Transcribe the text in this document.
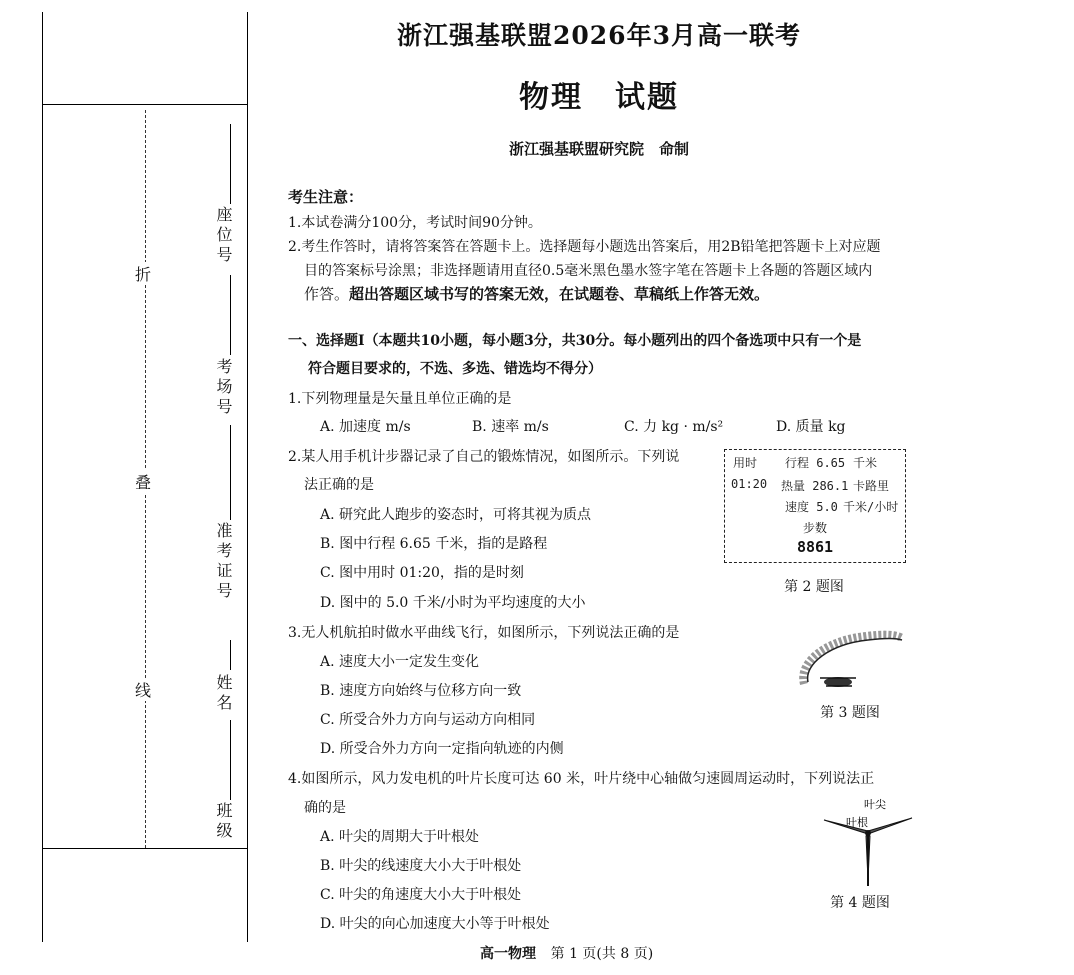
折
叠
线
座位号
考场号
准考证号
姓名
班级
浙江强基联盟2026年3月高一联考
物理　试题
浙江强基联盟研究院　命制
考生注意：
1.本试卷满分100分，考试时间90分钟。
2.考生作答时，请将答案答在答题卡上。选择题每小题选出答案后，用2B铅笔把答题卡上对应题
目的答案标号涂黑；非选择题请用直径0.5毫米黑色墨水签字笔在答题卡上各题的答题区域内
作答。超出答题区域书写的答案无效，在试题卷、草稿纸上作答无效。
一、选择题Ⅰ（本题共10小题，每小题3分，共30分。每小题列出的四个备选项中只有一个是
符合题目要求的，不选、多选、错选均不得分）
1.下列物理量是矢量且单位正确的是
A. 加速度 m/s	B. 速率 m/s	C. 力 kg · m/s²	D. 质量 kg
2.某人用手机计步器记录了自己的锻炼情况，如图所示。下列说
法正确的是
A. 研究此人跑步的姿态时，可将其视为质点
B. 图中行程 6.65 千米，指的是路程
C. 图中用时 01:20，指的是时刻
D. 图中的 5.0 千米/小时为平均速度的大小
3.无人机航拍时做水平曲线飞行，如图所示，下列说法正确的是
A. 速度大小一定发生变化
B. 速度方向始终与位移方向一致
C. 所受合外力方向与运动方向相同
D. 所受合外力方向一定指向轨迹的内侧
4.如图所示，风力发电机的叶片长度可达 60 米，叶片绕中心轴做匀速圆周运动时，下列说法正
确的是
A. 叶尖的周期大于叶根处
B. 叶尖的线速度大小大于叶根处
C. 叶尖的角速度大小大于叶根处
D. 叶尖的向心加速度大小等于叶根处
用时 行程 6.65 千米
01:20 热量 286.1 卡路里
速度 5.0 千米/小时
步数
8861
第 2 题图
第 3 题图
叶尖
叶根
第 4 题图
高一物理 第 1 页(共 8 页)
